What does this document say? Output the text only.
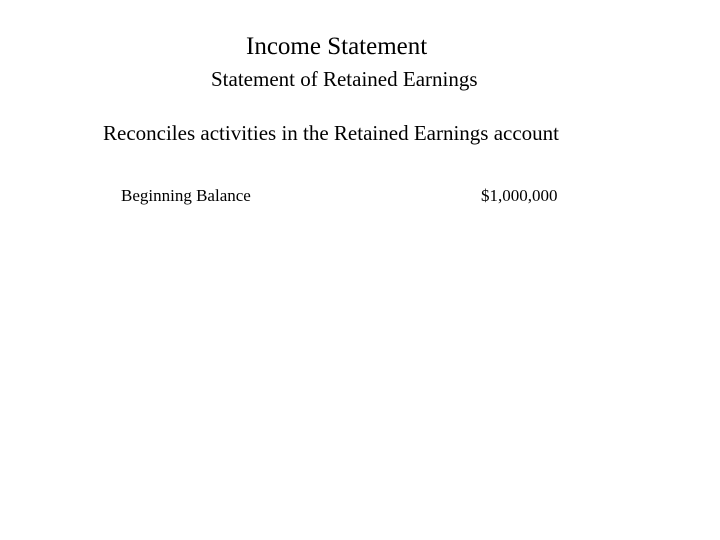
Income Statement
Statement of Retained Earnings
Reconciles activities in the Retained Earnings account
Beginning Balance	$1,000,000
